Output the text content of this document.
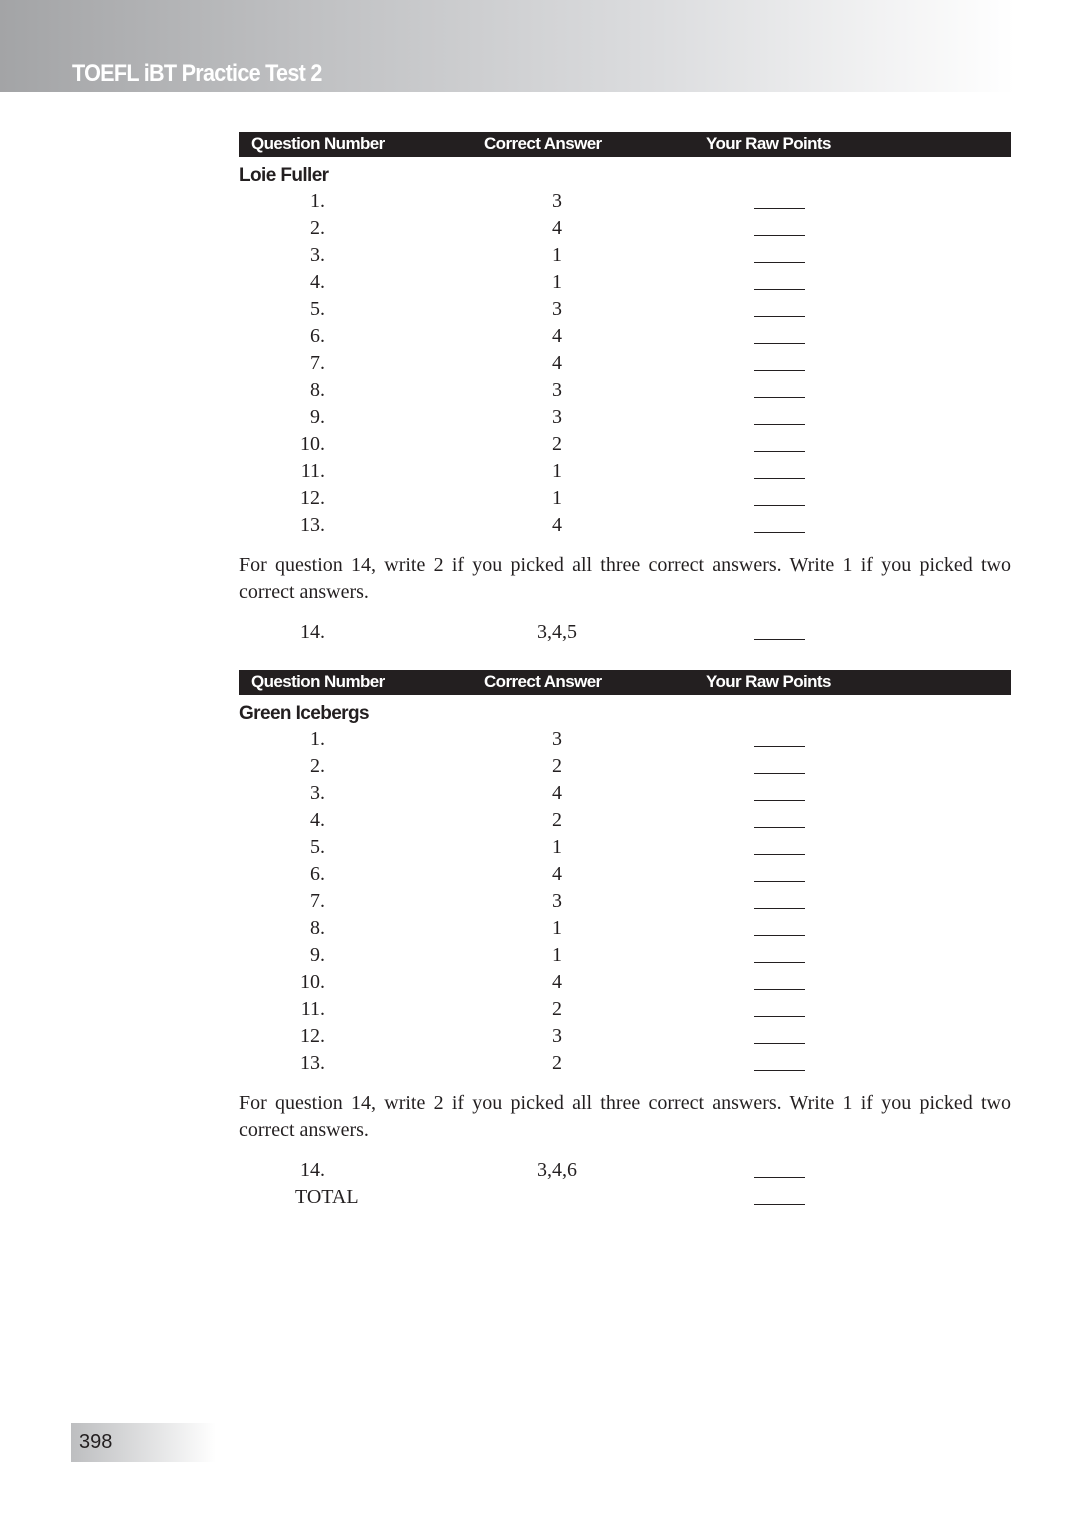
TOEFL iBT Practice Test 2
Question Number	Correct Answer	Your Raw Points
Loie Fuller
1.	3
2.	4
3.	1
4.	1
5.	3
6.	4
7.	4
8.	3
9.	3
10.	2
11.	1
12.	1
13.	4
For question 14, write 2 if you picked all three correct answers. Write 1 if you picked two correct answers.
14.	3,4,5
Question Number	Correct Answer	Your Raw Points
Green Icebergs
1.	3
2.	2
3.	4
4.	2
5.	1
6.	4
7.	3
8.	1
9.	1
10.	4
11.	2
12.	3
13.	2
For question 14, write 2 if you picked all three correct answers. Write 1 if you picked two correct answers.
14.	3,4,6
TOTAL
398
